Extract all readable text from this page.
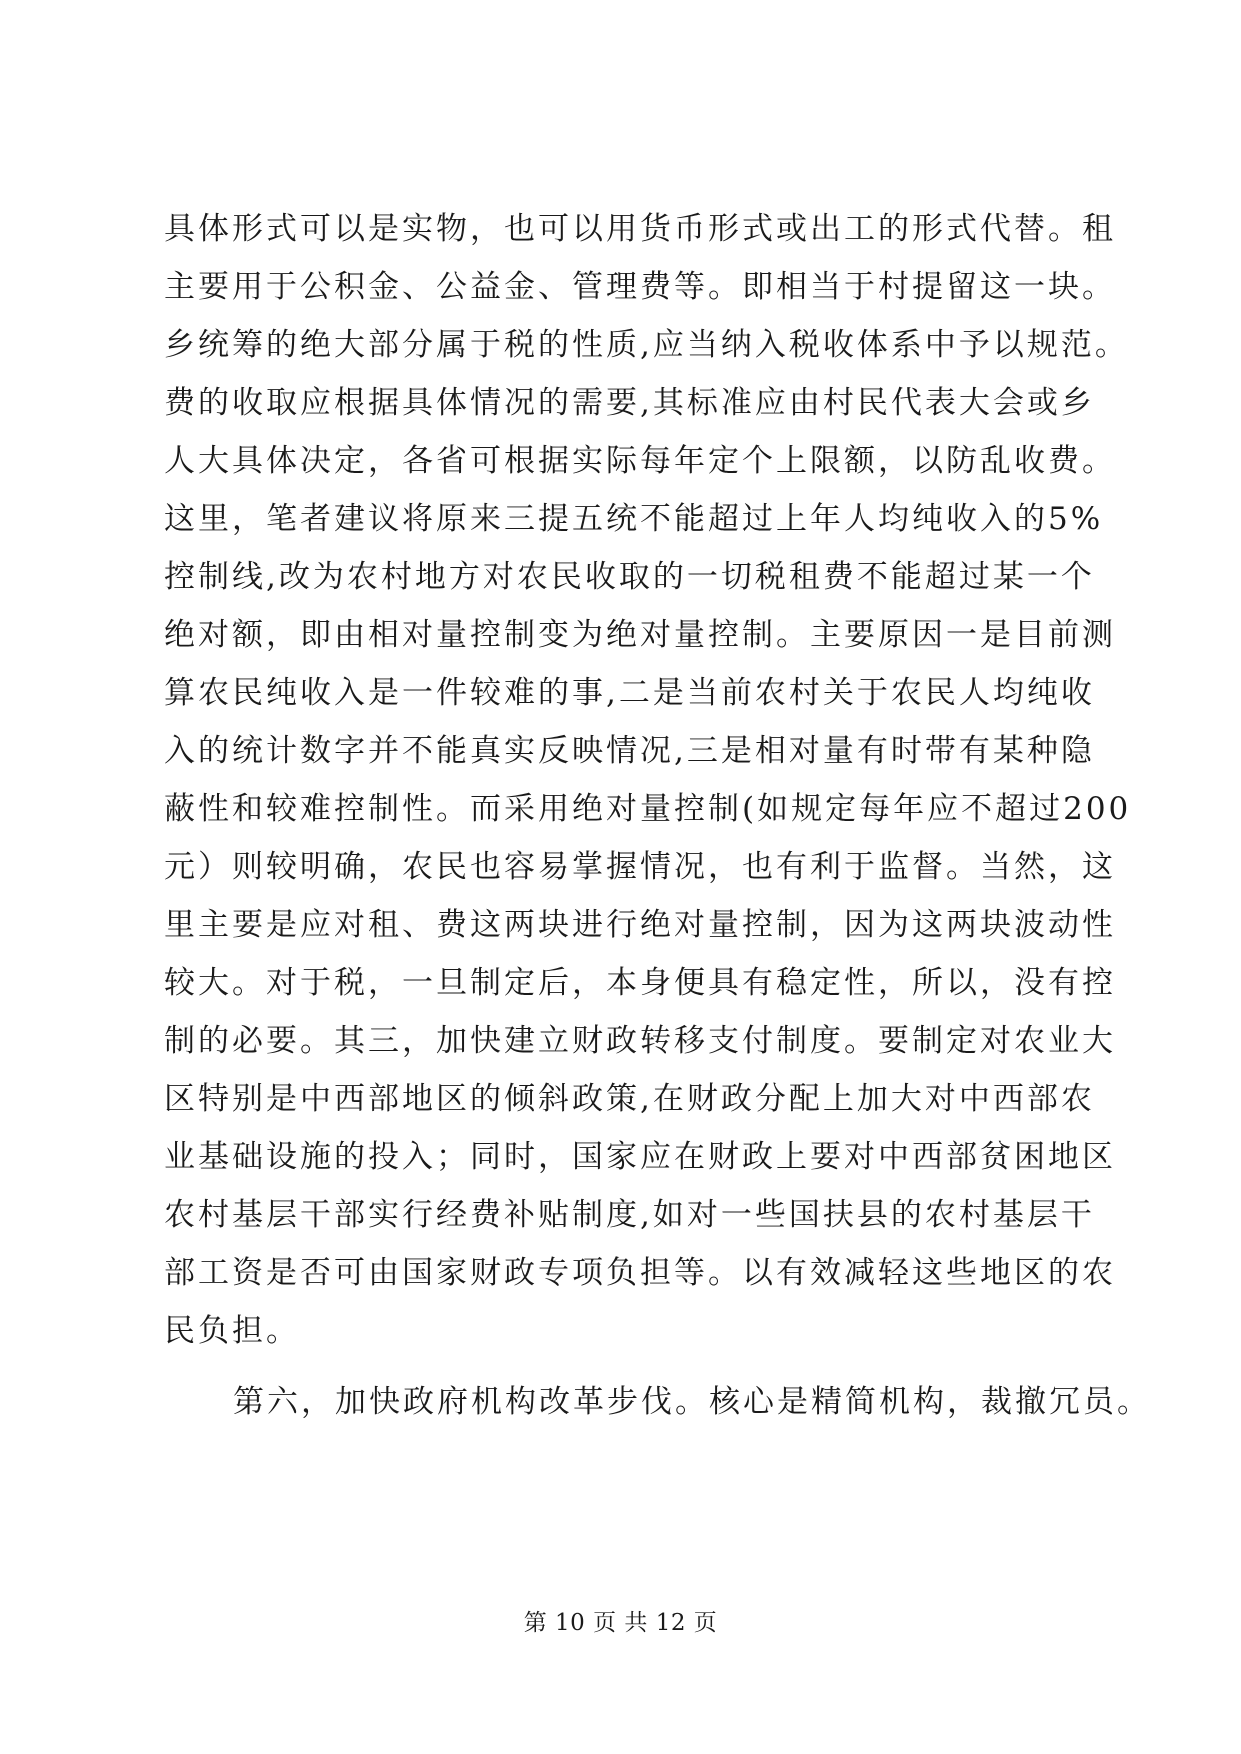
具体形式可以是实物，也可以用货币形式或出工的形式代替。租
主要用于公积金、公益金、管理费等。即相当于村提留这一块。
乡统筹的绝大部分属于税的性质,应当纳入税收体系中予以规范。
费的收取应根据具体情况的需要,其标准应由村民代表大会或乡
人大具体决定，各省可根据实际每年定个上限额，以防乱收费。
这里，笔者建议将原来三提五统不能超过上年人均纯收入的5%
控制线,改为农村地方对农民收取的一切税租费不能超过某一个
绝对额，即由相对量控制变为绝对量控制。主要原因一是目前测
算农民纯收入是一件较难的事,二是当前农村关于农民人均纯收
入的统计数字并不能真实反映情况,三是相对量有时带有某种隐
蔽性和较难控制性。而采用绝对量控制(如规定每年应不超过200
元）则较明确，农民也容易掌握情况，也有利于监督。当然，这
里主要是应对租、费这两块进行绝对量控制，因为这两块波动性
较大。对于税，一旦制定后，本身便具有稳定性，所以，没有控
制的必要。其三，加快建立财政转移支付制度。要制定对农业大
区特别是中西部地区的倾斜政策,在财政分配上加大对中西部农
业基础设施的投入；同时，国家应在财政上要对中西部贫困地区
农村基层干部实行经费补贴制度,如对一些国扶县的农村基层干
部工资是否可由国家财政专项负担等。以有效减轻这些地区的农
民负担。
第六，加快政府机构改革步伐。核心是精简机构，裁撤冗员。
第 10 页 共 12 页
